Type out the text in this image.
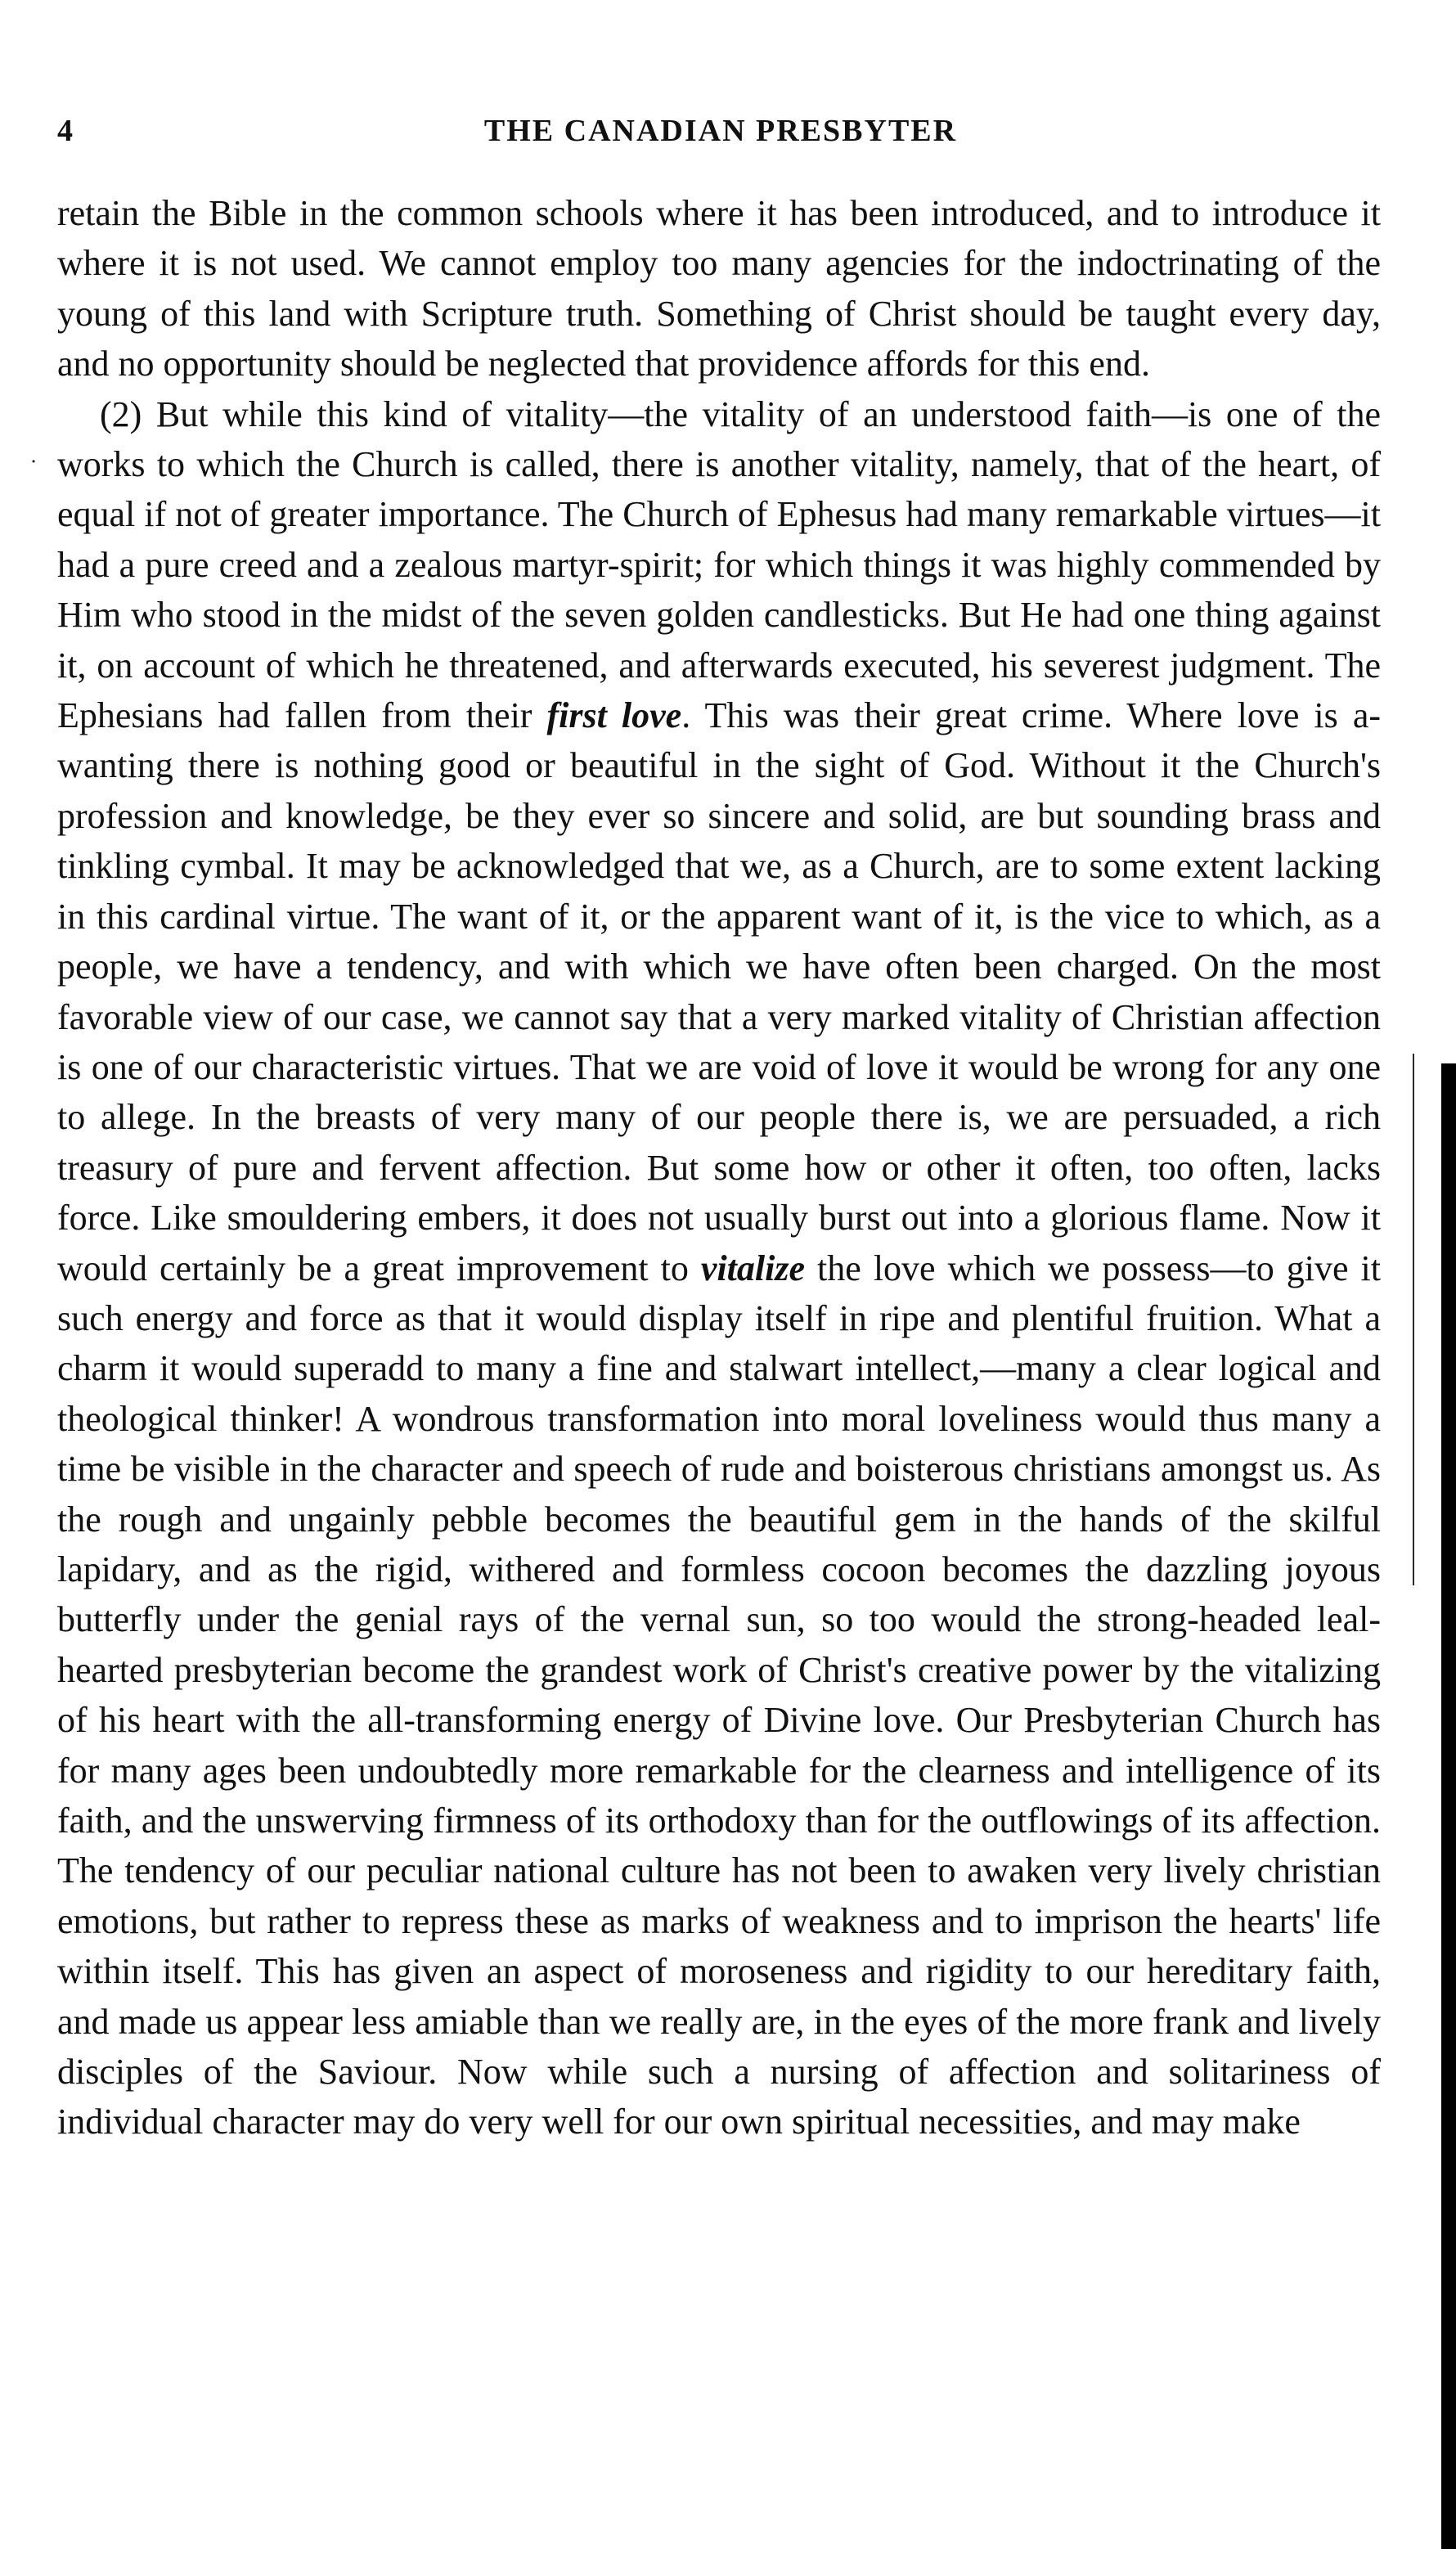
4	THE CANADIAN PRESBYTER
˙

retain the Bible in the common schools where it has been introduced, and to introduce it where it is not used. We cannot employ too many agencies for the indoctrinating of the young of this land with Scripture truth. Something of Christ should be taught every day, and no opportunity should be neglected that providence affords for this end.

(2) But while this kind of vitality—the vitality of an understood faith—is one of the works to which the Church is called, there is another vitality, namely, that of the heart, of equal if not of greater importance. The Church of Ephesus had many remarkable virtues—it had a pure creed and a zealous martyr-spirit; for which things it was highly commended by Him who stood in the midst of the seven golden candlesticks. But He had one thing against it, on account of which he threatened, and afterwards executed, his severest judgment. The Ephesians had fallen from their first love. This was their great crime. Where love is a-wanting there is nothing good or beautiful in the sight of God. Without it the Church's profession and knowledge, be they ever so sincere and solid, are but sounding brass and tinkling cymbal. It may be acknowledged that we, as a Church, are to some extent lacking in this cardinal virtue. The want of it, or the apparent want of it, is the vice to which, as a people, we have a tendency, and with which we have often been charged. On the most favorable view of our case, we cannot say that a very marked vitality of Christian affection is one of our characteristic virtues. That we are void of love it would be wrong for any one to allege. In the breasts of very many of our people there is, we are persuaded, a rich treasury of pure and fervent affection. But some how or other it often, too often, lacks force. Like smouldering embers, it does not usually burst out into a glorious flame. Now it would certainly be a great improvement to vitalize the love which we possess—to give it such energy and force as that it would display itself in ripe and plentiful fruition. What a charm it would superadd to many a fine and stalwart intellect,—many a clear logical and theological thinker! A wondrous transformation into moral loveliness would thus many a time be visible in the character and speech of rude and boisterous christians amongst us. As the rough and ungainly pebble becomes the beautiful gem in the hands of the skilful lapidary, and as the rigid, withered and formless cocoon becomes the dazzling joyous butterfly under the genial rays of the vernal sun, so too would the strong-headed leal-hearted presbyterian become the grandest work of Christ's creative power by the vitalizing of his heart with the all-transforming energy of Divine love. Our Presbyterian Church has for many ages been undoubtedly more remarkable for the clearness and intelligence of its faith, and the unswerving firmness of its orthodoxy than for the outflowings of its affection. The tendency of our peculiar national culture has not been to awaken very lively christian emotions, but rather to repress these as marks of weakness and to imprison the hearts' life within itself. This has given an aspect of moroseness and rigidity to our hereditary faith, and made us appear less amiable than we really are, in the eyes of the more frank and lively disciples of the Saviour. Now while such a nursing of affection and solitariness of individual character may do very well for our own spiritual necessities, and may make
